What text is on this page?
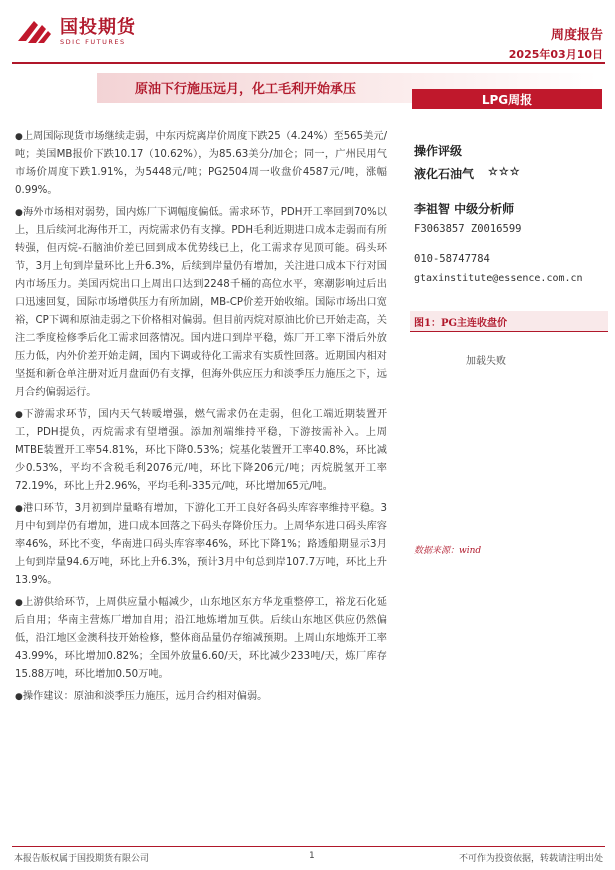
国投期货
SDIC FUTURES	周度报告
2025年03月10日
原油下行施压远月，化工毛利开始承压
LPG周报

●上周国际现货市场继续走弱，中东丙烷离岸价周度下跌25（4.24%）至565美元/吨；美国MB报价下跌10.17（10.62%），为85.63美分/加仑；同一，广州民用气市场价周度下跌1.91%，为5448元/吨；PG2504周一收盘价4587元/吨，涨幅0.99%。

●海外市场相对弱势，国内炼厂下调幅度偏低。需求环节，PDH开工率回到70%以上，且后续河北海伟开工，丙烷需求仍有支撑。PDH毛利近期进口成本走弱而有所转强，但丙烷-石脑油价差已回到成本优势线已上，化工需求存见顶可能。码头环节，3月上旬到岸量环比上升6.3%，后续到岸量仍有增加，关注进口成本下行对国内市场压力。美国丙烷出口上周出口达到2248千桶的高位水平，寒潮影响过后出口迅速回复，国际市场增供压力有所加剧，MB-CP价差开始收缩。国际市场出口宽裕，CP下调和原油走弱之下价格相对偏弱。但目前丙烷对原油比价已开始走高，关注二季度检修季后化工需求回落情况。国内进口到岸平稳，炼厂开工率下滑后外放压力低，内外价差开始走阔，国内下调或待化工需求有实质性回落。近期国内相对坚挺和新仓单注册对近月盘面仍有支撑，但海外供应压力和淡季压力施压之下，远月合约偏弱运行。

●下游需求环节，国内天气转暖增强，燃气需求仍在走弱，但化工端近期装置开工，PDH提负，丙烷需求有望增强。添加剂端维持平稳，下游按需补入。上周MTBE装置开工率54.81%，环比下降0.53%；烷基化装置开工率40.8%，环比减少0.53%，平均不含税毛利2076元/吨，环比下降206元/吨；丙烷脱氢开工率72.19%，环比上升2.96%，平均毛利-335元/吨，环比增加65元/吨。

●港口环节，3月初到岸量略有增加，下游化工开工良好各码头库容率维持平稳。3月中旬到岸仍有增加，进口成本回落之下码头存降价压力。上周华东进口码头库容率46%，环比不变，华南进口码头库容率46%，环比下降1%；路透船期显示3月上旬到岸量94.6万吨，环比上升6.3%，预计3月中旬总到岸107.7万吨，环比上升13.9%。

●上游供给环节，上周供应量小幅减少，山东地区东方华龙重整停工，裕龙石化延后自用；华南主营炼厂增加自用；沿江地炼增加互供。后续山东地区供应仍然偏低，沿江地区金澳科技开始检修，整体商品量仍存缩减预期。上周山东地炼开工率43.99%，环比增加0.82%；全国外放量6.60/天，环比减少233吨/天，炼厂库存15.88万吨，环比增加0.50万吨。

●操作建议：原油和淡季压力施压，远月合约相对偏弱。

操作评级
液化石油气 ☆☆☆
李祖智 中级分析师
F3063857 Z0016599
010-58747784
gtaxinstitute@essence.com.cn
图1：PG主连收盘价
加载失败
数据来源：wind
本报告版权属于国投期货有限公司	1	不可作为投资依据，转载请注明出处
